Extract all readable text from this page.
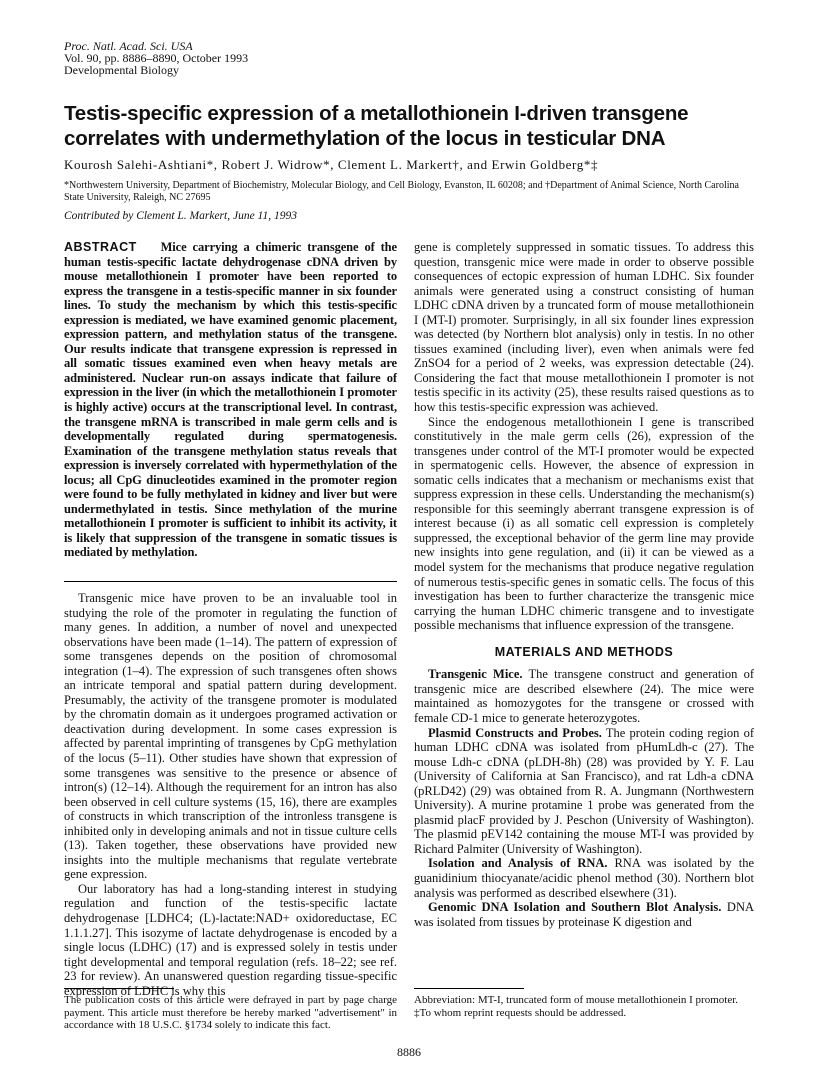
Proc. Natl. Acad. Sci. USA
Vol. 90, pp. 8886–8890, October 1993
Developmental Biology
Testis-specific expression of a metallothionein I-driven transgene correlates with undermethylation of the locus in testicular DNA
Kourosh Salehi-Ashtiani*, Robert J. Widrow*, Clement L. Markert†, and Erwin Goldberg*‡
*Northwestern University, Department of Biochemistry, Molecular Biology, and Cell Biology, Evanston, IL 60208; and †Department of Animal Science, North Carolina State University, Raleigh, NC 27695
Contributed by Clement L. Markert, June 11, 1993

ABSTRACT Mice carrying a chimeric transgene of the human testis-specific lactate dehydrogenase cDNA driven by mouse metallothionein I promoter have been reported to express the transgene in a testis-specific manner in six founder lines. To study the mechanism by which this testis-specific expression is mediated, we have examined genomic placement, expression pattern, and methylation status of the transgene. Our results indicate that transgene expression is repressed in all somatic tissues examined even when heavy metals are administered. Nuclear run-on assays indicate that failure of expression in the liver (in which the metallothionein I promoter is highly active) occurs at the transcriptional level. In contrast, the transgene mRNA is transcribed in male germ cells and is developmentally regulated during spermatogenesis. Examination of the transgene methylation status reveals that expression is inversely correlated with hypermethylation of the locus; all CpG dinucleotides examined in the promoter region were found to be fully methylated in kidney and liver but were undermethylated in testis. Since methylation of the murine metallothionein I promoter is sufficient to inhibit its activity, it is likely that suppression of the transgene in somatic tissues is mediated by methylation.

Transgenic mice have proven to be an invaluable tool in studying the role of the promoter in regulating the function of many genes. In addition, a number of novel and unexpected observations have been made (1–14). The pattern of expression of some transgenes depends on the position of chromosomal integration (1–4). The expression of such transgenes often shows an intricate temporal and spatial pattern during development. Presumably, the activity of the transgene promoter is modulated by the chromatin domain as it undergoes programed activation or deactivation during development. In some cases expression is affected by parental imprinting of transgenes by CpG methylation of the locus (5–11). Other studies have shown that expression of some transgenes was sensitive to the presence or absence of intron(s) (12–14). Although the requirement for an intron has also been observed in cell culture systems (15, 16), there are examples of constructs in which transcription of the intronless transgene is inhibited only in developing animals and not in tissue culture cells (13). Taken together, these observations have provided new insights into the multiple mechanisms that regulate vertebrate gene expression.

Our laboratory has had a long-standing interest in studying regulation and function of the testis-specific lactate dehydrogenase [LDHC4; (L)-lactate:NAD+ oxidoreductase, EC 1.1.1.27]. This isozyme of lactate dehydrogenase is encoded by a single locus (LDHC) (17) and is expressed solely in testis under tight developmental and temporal regulation (refs. 18–22; see ref. 23 for review). An unanswered question regarding tissue-specific expression of LDHC is why this

gene is completely suppressed in somatic tissues. To address this question, transgenic mice were made in order to observe possible consequences of ectopic expression of human LDHC. Six founder animals were generated using a construct consisting of human LDHC cDNA driven by a truncated form of mouse metallothionein I (MT-I) promoter. Surprisingly, in all six founder lines expression was detected (by Northern blot analysis) only in testis. In no other tissues examined (including liver), even when animals were fed ZnSO4 for a period of 2 weeks, was expression detectable (24). Considering the fact that mouse metallothionein I promoter is not testis specific in its activity (25), these results raised questions as to how this testis-specific expression was achieved.

Since the endogenous metallothionein I gene is transcribed constitutively in the male germ cells (26), expression of the transgenes under control of the MT-I promoter would be expected in spermatogenic cells. However, the absence of expression in somatic cells indicates that a mechanism or mechanisms exist that suppress expression in these cells. Understanding the mechanism(s) responsible for this seemingly aberrant transgene expression is of interest because (i) as all somatic cell expression is completely suppressed, the exceptional behavior of the germ line may provide new insights into gene regulation, and (ii) it can be viewed as a model system for the mechanisms that produce negative regulation of numerous testis-specific genes in somatic cells. The focus of this investigation has been to further characterize the transgenic mice carrying the human LDHC chimeric transgene and to investigate possible mechanisms that influence expression of the transgene.

MATERIALS AND METHODS

Transgenic Mice. The transgene construct and generation of transgenic mice are described elsewhere (24). The mice were maintained as homozygotes for the transgene or crossed with female CD-1 mice to generate heterozygotes.

Plasmid Constructs and Probes. The protein coding region of human LDHC cDNA was isolated from pHumLdh-c (27). The mouse Ldh-c cDNA (pLDH-8h) (28) was provided by Y. F. Lau (University of California at San Francisco), and rat Ldh-a cDNA (pRLD42) (29) was obtained from R. A. Jungmann (Northwestern University). A murine protamine 1 probe was generated from the plasmid placF provided by J. Peschon (University of Washington). The plasmid pEV142 containing the mouse MT-I was provided by Richard Palmiter (University of Washington).

Isolation and Analysis of RNA. RNA was isolated by the guanidinium thiocyanate/acidic phenol method (30). Northern blot analysis was performed as described elsewhere (31).

Genomic DNA Isolation and Southern Blot Analysis. DNA was isolated from tissues by proteinase K digestion and

The publication costs of this article were defrayed in part by page charge payment. This article must therefore be hereby marked "advertisement" in accordance with 18 U.S.C. §1734 solely to indicate this fact.
Abbreviation: MT-I, truncated form of mouse metallothionein I promoter.
‡To whom reprint requests should be addressed.
8886
